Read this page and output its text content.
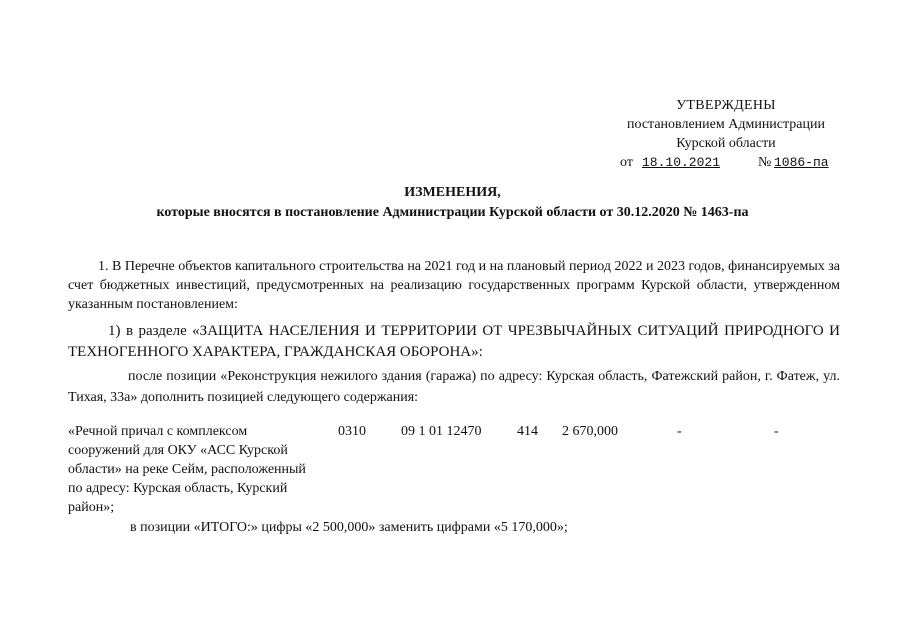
УТВЕРЖДЕНЫ
постановлением Администрации
Курской области
от 18.10.2021	№ 1086-па
ИЗМЕНЕНИЯ,
которые вносятся в постановление Администрации Курской области от 30.12.2020 № 1463-па
1. В Перечне объектов капитального строительства на 2021 год и на плановый период 2022 и 2023 годов, финансируемых за счет бюджетных инвестиций, предусмотренных на реализацию государственных программ Курской области, утвержденном указанным постановлением:
1) в разделе «ЗАЩИТА НАСЕЛЕНИЯ И ТЕРРИТОРИИ ОТ ЧРЕЗВЫЧАЙНЫХ СИТУАЦИЙ ПРИРОДНОГО И ТЕХНОГЕННОГО ХАРАКТЕРА, ГРАЖДАНСКАЯ ОБОРОНА»:
после позиции «Реконструкция нежилого здания (гаража) по адресу: Курская область, Фатежский район, г. Фатеж, ул. Тихая, 33а» дополнить позицией следующего содержания:
«Речной причал с комплексом сооружений для ОКУ «АСС Курской области» на реке Сейм, расположенный по адресу: Курская область, Курский район»;
0310	09 1 01 12470	414 2 670,000	-	-
в позиции «ИТОГО:» цифры «2 500,000» заменить цифрами «5 170,000»;
